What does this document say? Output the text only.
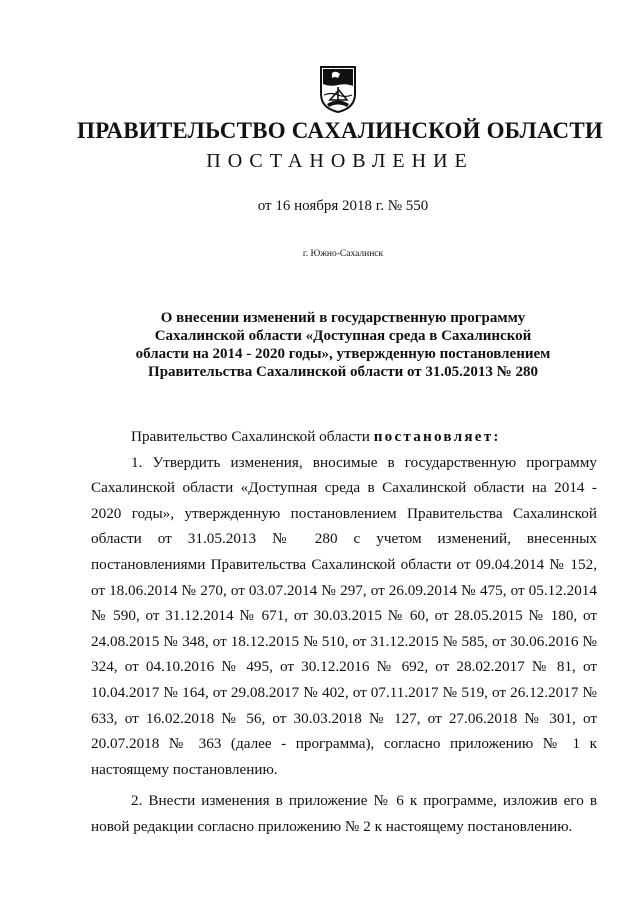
ПРАВИТЕЛЬСТВО САХАЛИНСКОЙ ОБЛАСТИ
ПОСТАНОВЛЕНИЕ
от 16 ноября 2018 г. № 550
г. Южно-Сахалинск
О внесении изменений в государственную программу
Сахалинской области «Доступная среда в Сахалинской
области на 2014 - 2020 годы», утвержденную постановлением
Правительства Сахалинской области от 31.05.2013 № 280
Правительство Сахалинской области постановляет:

1. Утвердить изменения, вносимые в государственную программу Сахалинской области «Доступная среда в Сахалинской области на 2014 - 2020 годы», утвержденную постановлением Правительства Сахалинской области от 31.05.2013 № 280 с учетом изменений, внесенных постановлениями Правительства Сахалинской области от 09.04.2014 № 152, от 18.06.2014 № 270, от 03.07.2014 № 297, от 26.09.2014 № 475, от 05.12.2014 № 590, от 31.12.2014 № 671, от 30.03.2015 № 60, от 28.05.2015 № 180, от 24.08.2015 № 348, от 18.12.2015 № 510, от 31.12.2015 № 585, от 30.06.2016 № 324, от 04.10.2016 № 495, от 30.12.2016 № 692, от 28.02.2017 № 81, от 10.04.2017 № 164, от 29.08.2017 № 402, от 07.11.2017 № 519, от 26.12.2017 № 633, от 16.02.2018 № 56, от 30.03.2018 № 127, от 27.06.2018 № 301, от 20.07.2018 № 363 (далее - программа), согласно приложению № 1 к настоящему постановлению.

2. Внести изменения в приложение № 6 к программе, изложив его в новой редакции согласно приложению № 2 к настоящему постановлению.
